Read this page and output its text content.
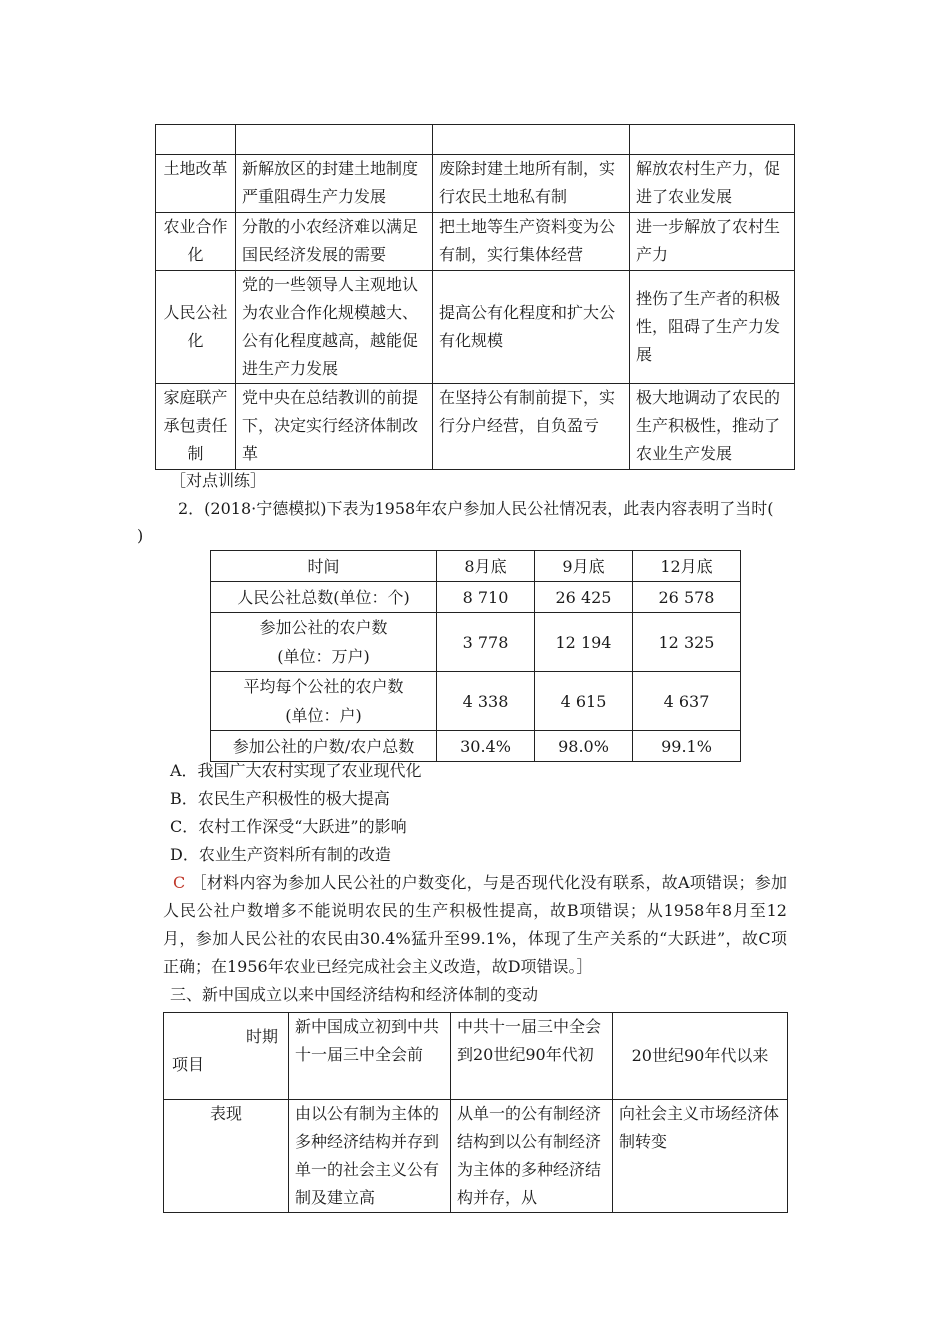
土地改革	新解放区的封建土地制度严重阻碍生产力发展	废除封建土地所有制，实行农民土地私有制	解放农村生产力，促进了农业发展
农业合作化	分散的小农经济难以满足国民经济发展的需要	把土地等生产资料变为公有制，实行集体经营	进一步解放了农村生产力
人民公社化	党的一些领导人主观地认为农业合作化规模越大、公有化程度越高，越能促进生产力发展	提高公有化程度和扩大公有化规模	挫伤了生产者的积极性，阻碍了生产力发展
家庭联产承包责任制	党中央在总结教训的前提下，决定实行经济体制改革	在坚持公有制前提下，实行分户经营，自负盈亏	极大地调动了农民的生产积极性，推动了农业生产发展
［对点训练］
2．(2018·宁德模拟)下表为1958年农户参加人民公社情况表，此表内容表明了当时(
)
时间	8月底	9月底	12月底
人民公社总数(单位：个)	8 710	26 425	26 578
参加公社的农户数(单位：万户)	3 778	12 194	12 325
平均每个公社的农户数(单位：户)	4 338	4 615	4 637
参加公社的户数/农户总数	30.4%	98.0%	99.1%
A．我国广大农村实现了农业现代化
B．农民生产积极性的极大提高
C．农村工作深受“大跃进”的影响
D．农业生产资料所有制的改造
C ［材料内容为参加人民公社的户数变化，与是否现代化没有联系，故A项错误；参加人民公社户数增多不能说明农民的生产积极性提高，故B项错误；从1958年8月至12月，参加人民公社的农民由30.4%猛升至99.1%，体现了生产关系的“大跃进”，故C项正确；在1956年农业已经完成社会主义改造，故D项错误。］
三、新中国成立以来中国经济结构和经济体制的变动
时期
项目	新中国成立初到中共十一届三中全会前	中共十一届三中全会到20世纪90年代初	20世纪90年代以来
表现	由以公有制为主体的多种经济结构并存到单一的社会主义公有制及建立高	从单一的公有制经济结构到以公有制经济为主体的多种经济结构并存，从	向社会主义市场经济体制转变
